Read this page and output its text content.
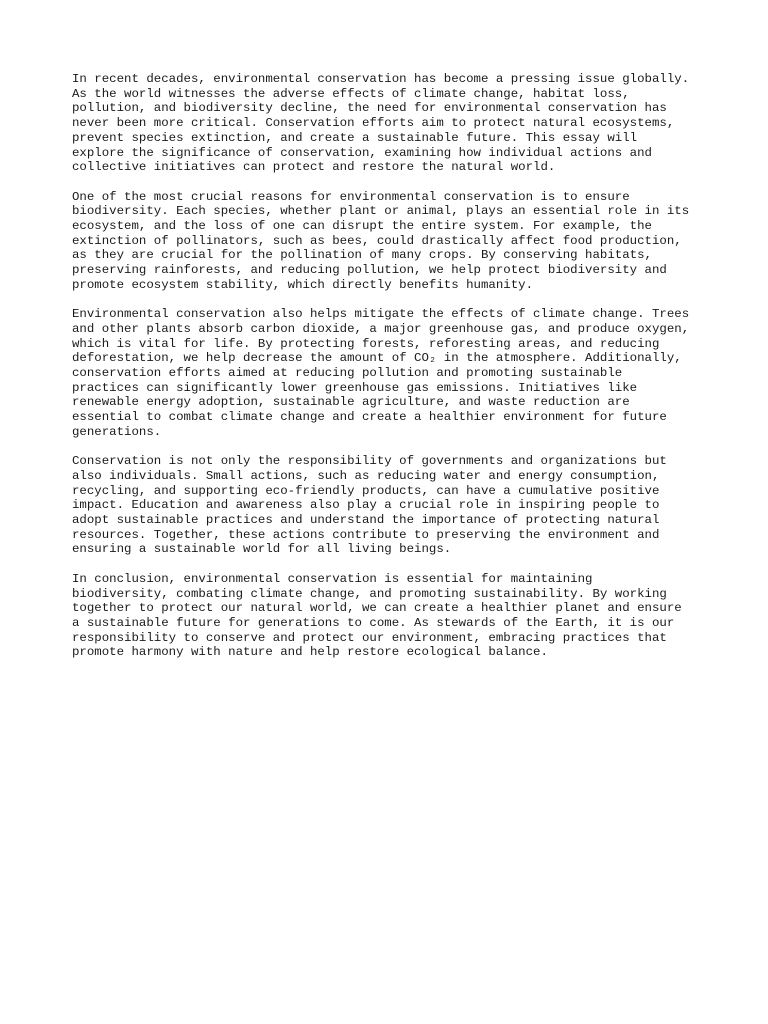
In recent decades, environmental conservation has become a pressing issue globally.
As the world witnesses the adverse effects of climate change, habitat loss,
pollution, and biodiversity decline, the need for environmental conservation has
never been more critical. Conservation efforts aim to protect natural ecosystems,
prevent species extinction, and create a sustainable future. This essay will
explore the significance of conservation, examining how individual actions and
collective initiatives can protect and restore the natural world.

One of the most crucial reasons for environmental conservation is to ensure
biodiversity. Each species, whether plant or animal, plays an essential role in its
ecosystem, and the loss of one can disrupt the entire system. For example, the
extinction of pollinators, such as bees, could drastically affect food production,
as they are crucial for the pollination of many crops. By conserving habitats,
preserving rainforests, and reducing pollution, we help protect biodiversity and
promote ecosystem stability, which directly benefits humanity.

Environmental conservation also helps mitigate the effects of climate change. Trees
and other plants absorb carbon dioxide, a major greenhouse gas, and produce oxygen,
which is vital for life. By protecting forests, reforesting areas, and reducing
deforestation, we help decrease the amount of CO₂ in the atmosphere. Additionally,
conservation efforts aimed at reducing pollution and promoting sustainable
practices can significantly lower greenhouse gas emissions. Initiatives like
renewable energy adoption, sustainable agriculture, and waste reduction are
essential to combat climate change and create a healthier environment for future
generations.

Conservation is not only the responsibility of governments and organizations but
also individuals. Small actions, such as reducing water and energy consumption,
recycling, and supporting eco-friendly products, can have a cumulative positive
impact. Education and awareness also play a crucial role in inspiring people to
adopt sustainable practices and understand the importance of protecting natural
resources. Together, these actions contribute to preserving the environment and
ensuring a sustainable world for all living beings.

In conclusion, environmental conservation is essential for maintaining
biodiversity, combating climate change, and promoting sustainability. By working
together to protect our natural world, we can create a healthier planet and ensure
a sustainable future for generations to come. As stewards of the Earth, it is our
responsibility to conserve and protect our environment, embracing practices that
promote harmony with nature and help restore ecological balance.
